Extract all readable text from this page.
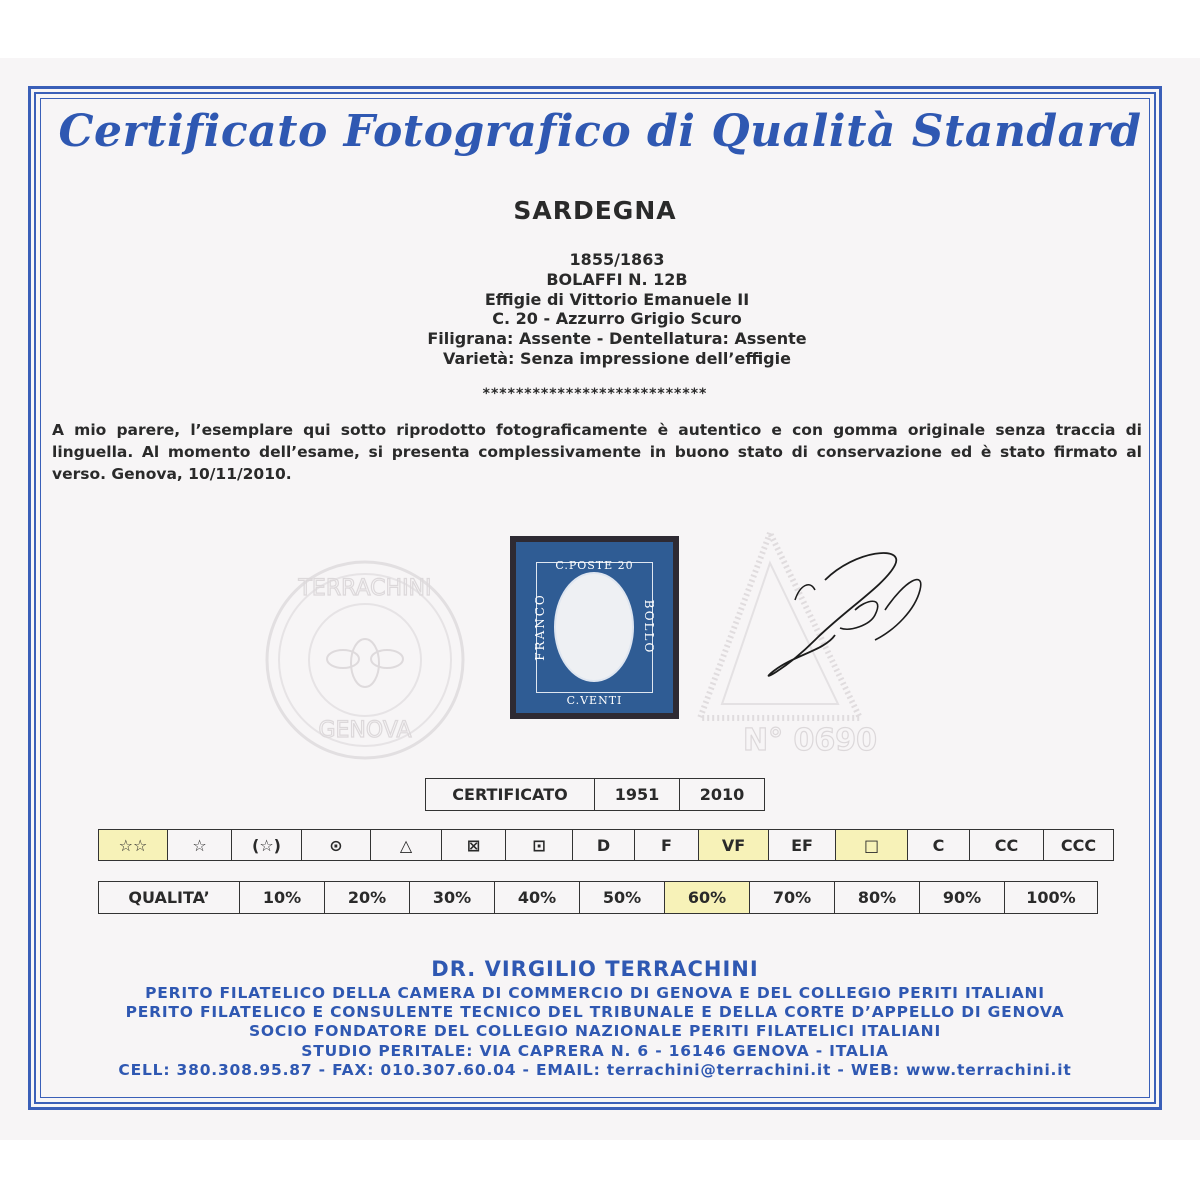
Certificato Fotografico di Qualità Standard
SARDEGNA
1855/1863
BOLAFFI N. 12B
Effigie di Vittorio Emanuele II
C. 20 - Azzurro Grigio Scuro
Filigrana: Assente - Dentellatura: Assente
Varietà: Senza impressione dell’effigie
***************************
A mio parere, l’esemplare qui sotto riprodotto fotograficamente è autentico e con gomma originale senza traccia di linguella. Al momento dell’esame, si presenta complessivamente in buono stato di conservazione ed è stato firmato al verso. Genova, 10/11/2010.
TERRACHINI
GENOVA	N° 0690
C.POSTE 20
C.VENTI
FRANCO	BOLLO
CERTIFICATO	1951	2010
☆☆	☆	(☆)	⊙	△	⊠	⊡	D	F	VF	EF	□	C	CC	CCC
QUALITA’	10%	20%	30%	40%	50%	60%	70%	80%	90%	100%
DR. VIRGILIO TERRACHINI
PERITO FILATELICO DELLA CAMERA DI COMMERCIO DI GENOVA E DEL COLLEGIO PERITI ITALIANI
PERITO FILATELICO E CONSULENTE TECNICO DEL TRIBUNALE E DELLA CORTE D’APPELLO DI GENOVA
SOCIO FONDATORE DEL COLLEGIO NAZIONALE PERITI FILATELICI ITALIANI
STUDIO PERITALE: VIA CAPRERA N. 6 - 16146 GENOVA - ITALIA
CELL: 380.308.95.87 - FAX: 010.307.60.04 - EMAIL: terrachini@terrachini.it - WEB: www.terrachini.it
